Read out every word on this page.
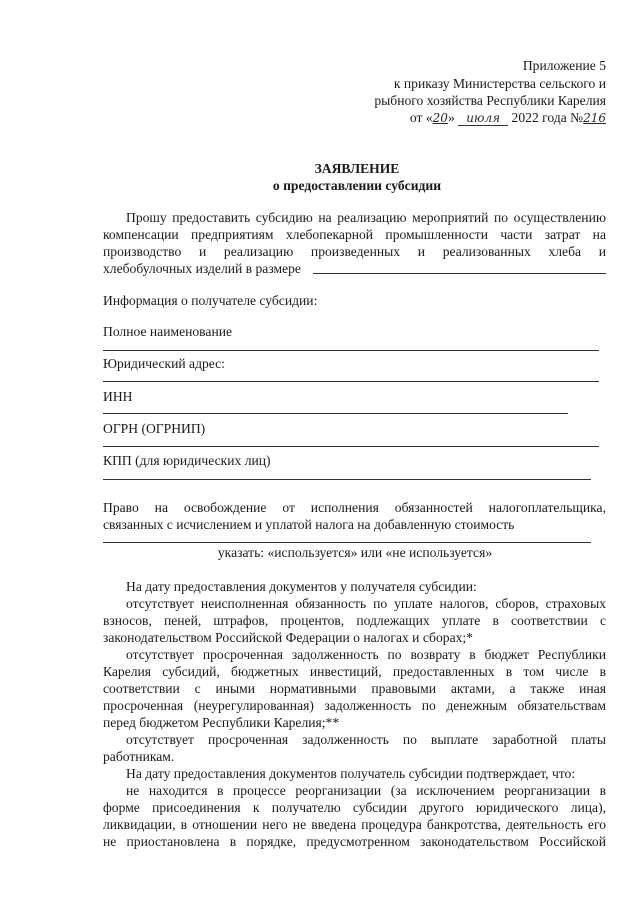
Приложение 5
к приказу Министерства сельского и
рыбного хозяйства Республики Карелия
от «20» июля 2022 года №216
ЗАЯВЛЕНИЕ
о предоставлении субсидии
Прошу предоставить субсидию на реализацию мероприятий по осуществлению
компенсации предприятиям хлебопекарной промышленности части затрат на
производство и реализацию произведенных и реализованных хлеба и
хлебобулочных изделий в размере
Информация о получателе субсидии:
Полное наименование
Юридический адрес:
ИНН
ОГРН (ОГРНИП)
КПП (для юридических лиц)
Право на освобождение от исполнения обязанностей налогоплательщика,
связанных с исчислением и уплатой налога на добавленную стоимость
указать: «используется» или «не используется»
На дату предоставления документов у получателя субсидии:
отсутствует неисполненная обязанность по уплате налогов, сборов, страховых
взносов, пеней, штрафов, процентов, подлежащих уплате в соответствии с
законодательством Российской Федерации о налогах и сборах;*
отсутствует просроченная задолженность по возврату в бюджет Республики
Карелия субсидий, бюджетных инвестиций, предоставленных в том числе в
соответствии с иными нормативными правовыми актами, а также иная
просроченная (неурегулированная) задолженность по денежным обязательствам
перед бюджетом Республики Карелия;**
отсутствует просроченная задолженность по выплате заработной платы
работникам.
На дату предоставления документов получатель субсидии подтверждает, что:
не находится в процессе реорганизации (за исключением реорганизации в
форме присоединения к получателю субсидии другого юридического лица),
ликвидации, в отношении него не введена процедура банкротства, деятельность его
не приостановлена в порядке, предусмотренном законодательством Российской
